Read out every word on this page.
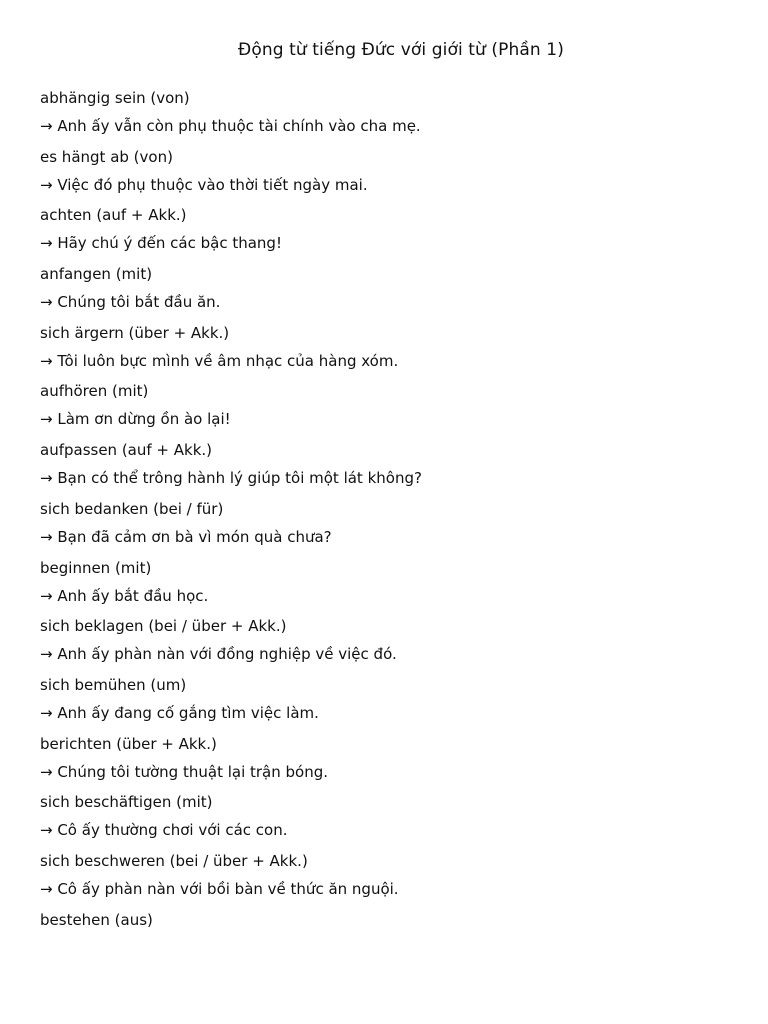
Động từ tiếng Đức với giới từ (Phần 1)
abhängig sein (von)
→ Anh ấy vẫn còn phụ thuộc tài chính vào cha mẹ.
es hängt ab (von)
→ Việc đó phụ thuộc vào thời tiết ngày mai.
achten (auf + Akk.)
→ Hãy chú ý đến các bậc thang!
anfangen (mit)
→ Chúng tôi bắt đầu ăn.
sich ärgern (über + Akk.)
→ Tôi luôn bực mình về âm nhạc của hàng xóm.
aufhören (mit)
→ Làm ơn dừng ồn ào lại!
aufpassen (auf + Akk.)
→ Bạn có thể trông hành lý giúp tôi một lát không?
sich bedanken (bei / für)
→ Bạn đã cảm ơn bà vì món quà chưa?
beginnen (mit)
→ Anh ấy bắt đầu học.
sich beklagen (bei / über + Akk.)
→ Anh ấy phàn nàn với đồng nghiệp về việc đó.
sich bemühen (um)
→ Anh ấy đang cố gắng tìm việc làm.
berichten (über + Akk.)
→ Chúng tôi tường thuật lại trận bóng.
sich beschäftigen (mit)
→ Cô ấy thường chơi với các con.
sich beschweren (bei / über + Akk.)
→ Cô ấy phàn nàn với bồi bàn về thức ăn nguội.
bestehen (aus)
